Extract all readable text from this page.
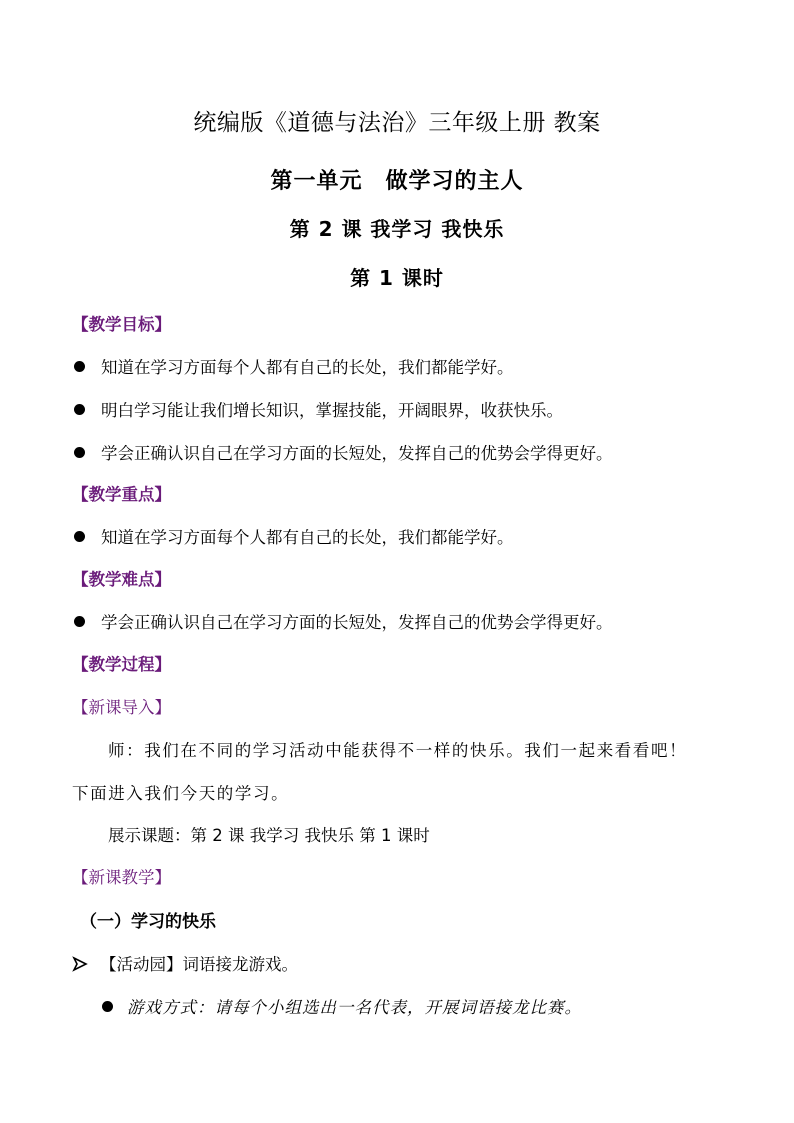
统编版《道德与法治》三年级上册 教案
第一单元　做学习的主人
第 2 课 我学习 我快乐
第 1 课时
【教学目标】
知道在学习方面每个人都有自己的长处，我们都能学好。
明白学习能让我们增长知识，掌握技能，开阔眼界，收获快乐。
学会正确认识自己在学习方面的长短处，发挥自己的优势会学得更好。
【教学重点】
知道在学习方面每个人都有自己的长处，我们都能学好。
【教学难点】
学会正确认识自己在学习方面的长短处，发挥自己的优势会学得更好。
【教学过程】
【新课导入】
师：我们在不同的学习活动中能获得不一样的快乐。我们一起来看看吧！
下面进入我们今天的学习。
展示课题：第 2 课 我学习 我快乐 第 1 课时
【新课教学】
（一）学习的快乐
【活动园】词语接龙游戏。
游戏方式：请每个小组选出一名代表，开展词语接龙比赛。
